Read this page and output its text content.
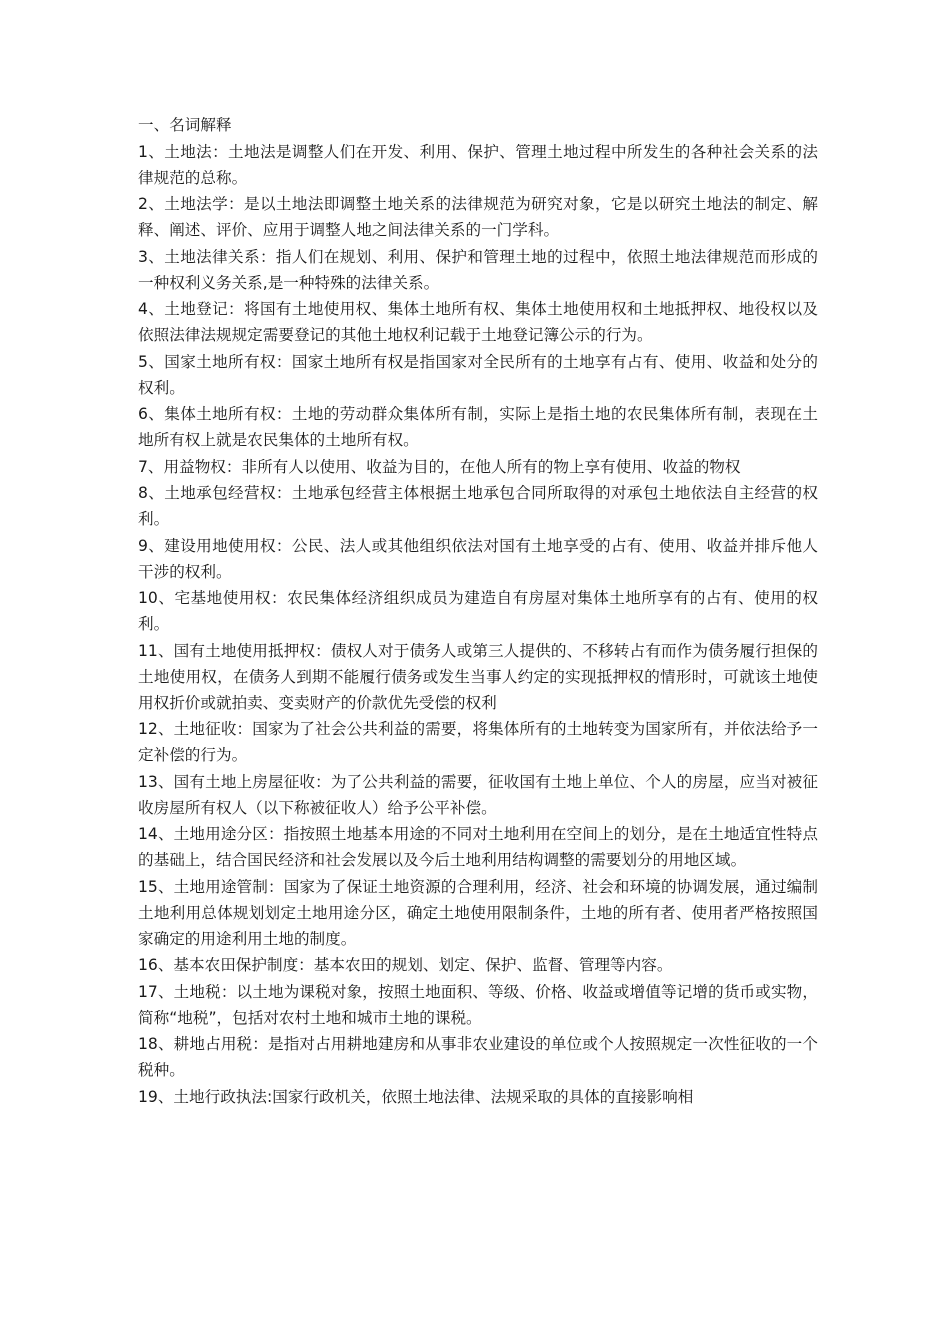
一、名词解释

1、土地法：土地法是调整人们在开发、利用、保护、管理土地过程中所发生的各种社会关系的法律规范的总称。

2、土地法学：是以土地法即调整土地关系的法律规范为研究对象，它是以研究土地法的制定、解释、阐述、评价、应用于调整人地之间法律关系的一门学科。

3、土地法律关系：指人们在规划、利用、保护和管理土地的过程中，依照土地法律规范而形成的一种权利义务关系,是一种特殊的法律关系。

4、土地登记：将国有土地使用权、集体土地所有权、集体土地使用权和土地抵押权、地役权以及依照法律法规规定需要登记的其他土地权利记载于土地登记簿公示的行为。

5、国家土地所有权：国家土地所有权是指国家对全民所有的土地享有占有、使用、收益和处分的权利。

6、集体土地所有权：土地的劳动群众集体所有制，实际上是指土地的农民集体所有制，表现在土地所有权上就是农民集体的土地所有权。

7、用益物权：非所有人以使用、收益为目的，在他人所有的物上享有使用、收益的物权

8、土地承包经营权：土地承包经营主体根据土地承包合同所取得的对承包土地依法自主经营的权利。

9、建设用地使用权：公民、法人或其他组织依法对国有土地享受的占有、使用、收益并排斥他人干涉的权利。

10、宅基地使用权：农民集体经济组织成员为建造自有房屋对集体土地所享有的占有、使用的权利。

11、国有土地使用抵押权：债权人对于债务人或第三人提供的、不移转占有而作为债务履行担保的土地使用权，在债务人到期不能履行债务或发生当事人约定的实现抵押权的情形时，可就该土地使用权折价或就拍卖、变卖财产的价款优先受偿的权利

12、土地征收：国家为了社会公共利益的需要，将集体所有的土地转变为国家所有，并依法给予一定补偿的行为。

13、国有土地上房屋征收：为了公共利益的需要，征收国有土地上单位、个人的房屋，应当对被征收房屋所有权人（以下称被征收人）给予公平补偿。

14、土地用途分区：指按照土地基本用途的不同对土地利用在空间上的划分，是在土地适宜性特点的基础上，结合国民经济和社会发展以及今后土地利用结构调整的需要划分的用地区域。

15、土地用途管制：国家为了保证土地资源的合理利用，经济、社会和环境的协调发展，通过编制土地利用总体规划划定土地用途分区，确定土地使用限制条件，土地的所有者、使用者严格按照国家确定的用途利用土地的制度。

16、基本农田保护制度：基本农田的规划、划定、保护、监督、管理等内容。

17、土地税：以土地为课税对象，按照土地面积、等级、价格、收益或增值等记增的货币或实物，简称“地税”，包括对农村土地和城市土地的课税。

18、耕地占用税：是指对占用耕地建房和从事非农业建设的单位或个人按照规定一次性征收的一个税种。

19、土地行政执法:国家行政机关，依照土地法律、法规采取的具体的直接影响相
